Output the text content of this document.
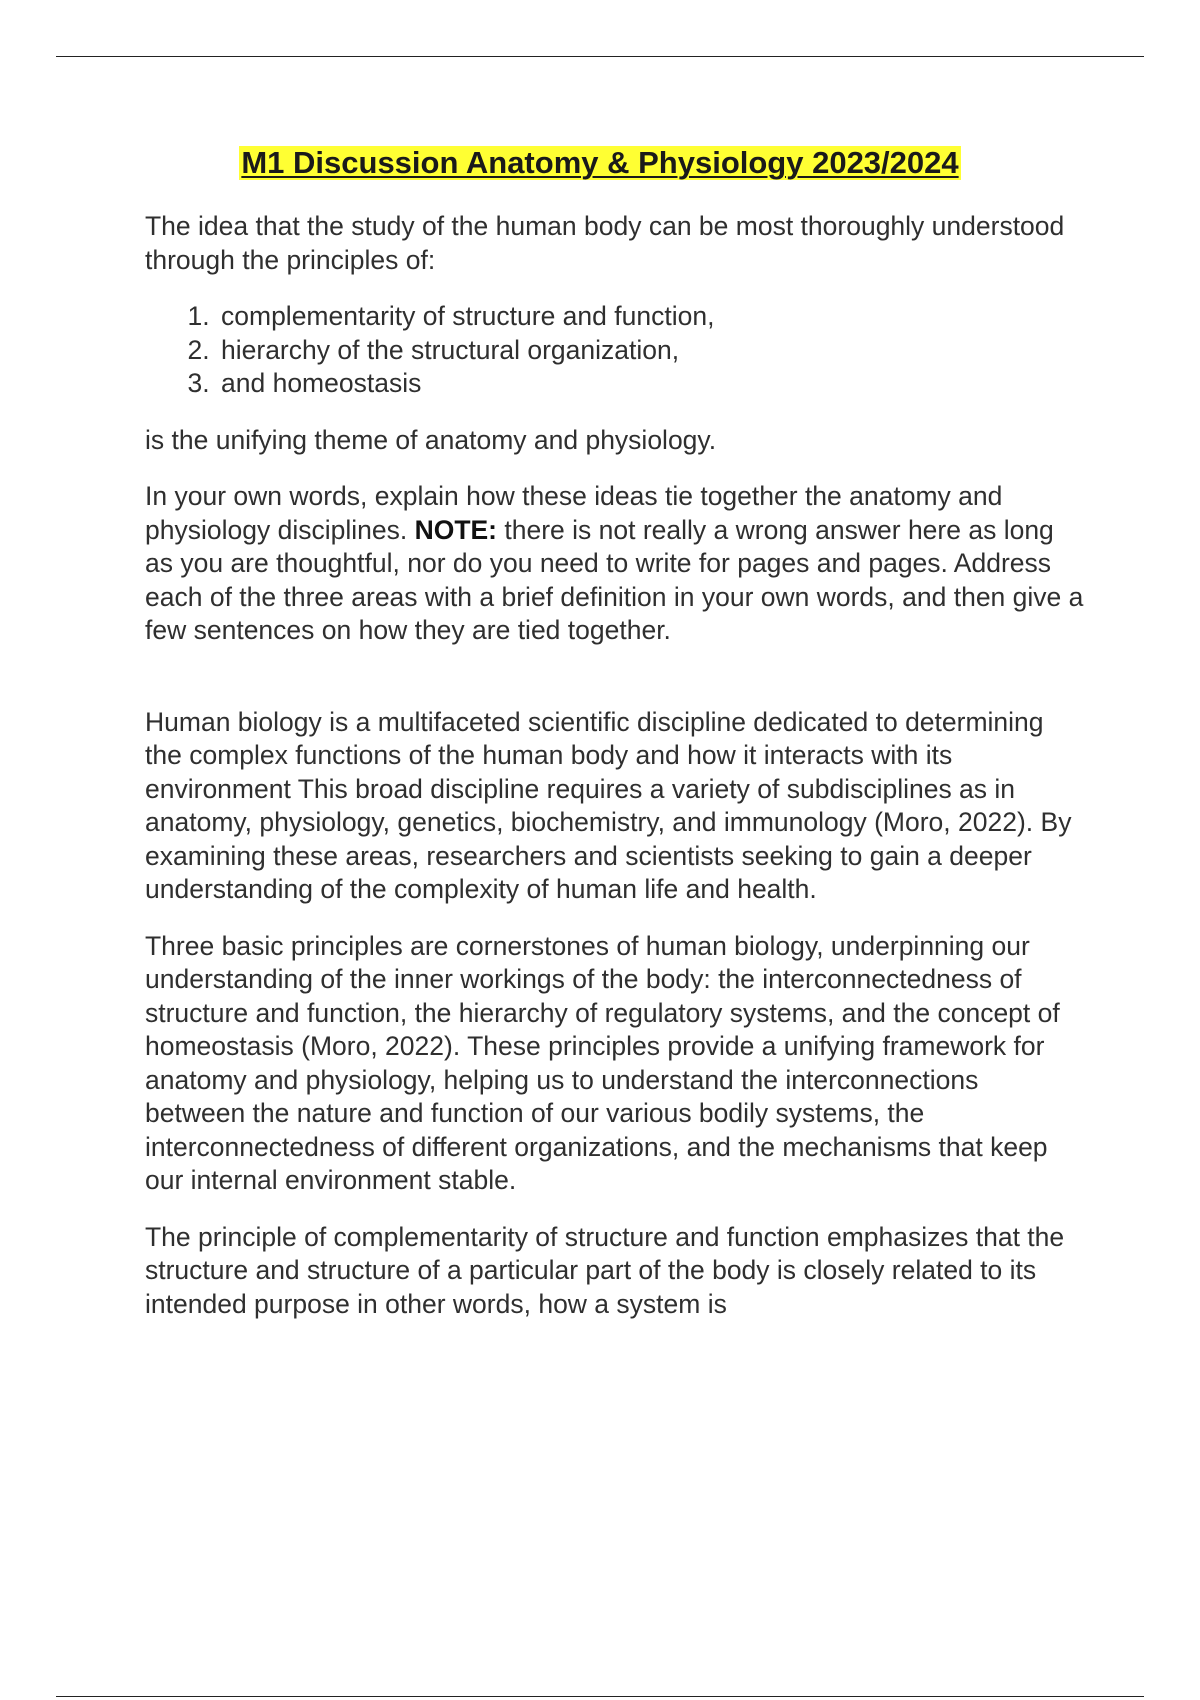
M1 Discussion Anatomy & Physiology 2023/2024

The idea that the study of the human body can be most thoroughly understood through the principles of:

1. complementarity of structure and function,
2. hierarchy of the structural organization,
3. and homeostasis

is the unifying theme of anatomy and physiology.

In your own words, explain how these ideas tie together the anatomy and physiology disciplines. NOTE: there is not really a wrong answer here as long as you are thoughtful, nor do you need to write for pages and pages. Address each of the three areas with a brief definition in your own words, and then give a few sentences on how they are tied together.

Human biology is a multifaceted scientific discipline dedicated to determining the complex functions of the human body and how it interacts with its environment This broad discipline requires a variety of subdisciplines as in anatomy, physiology, genetics, biochemistry, and immunology (Moro, 2022). By examining these areas, researchers and scientists seeking to gain a deeper understanding of the complexity of human life and health.

Three basic principles are cornerstones of human biology, underpinning our understanding of the inner workings of the body: the interconnectedness of structure and function, the hierarchy of regulatory systems, and the concept of homeostasis (Moro, 2022). These principles provide a unifying framework for anatomy and physiology, helping us to understand the interconnections between the nature and function of our various bodily systems, the interconnectedness of different organizations, and the mechanisms that keep our internal environment stable.

The principle of complementarity of structure and function emphasizes that the structure and structure of a particular part of the body is closely related to its intended purpose in other words, how a system is
